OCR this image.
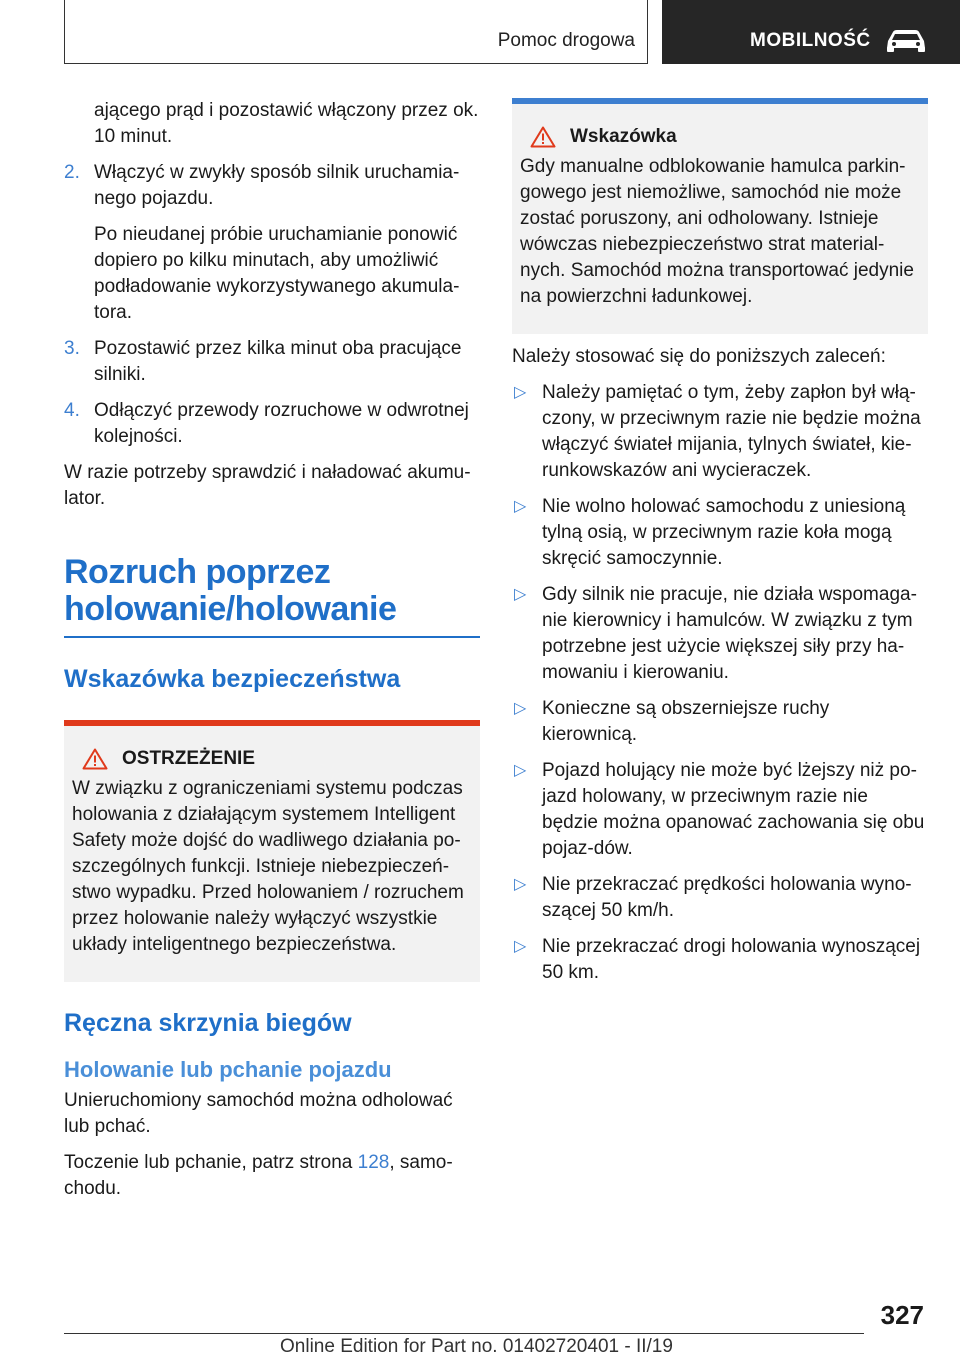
Pomoc drogowa	MOBILNOŚĆ

ającego prąd i pozostawić włączony przez ok. 10 minut.

2. Włączyć w zwykły sposób silnik uruchamia-nego pojazdu.

Po nieudanej próbie uruchamianie ponowić dopiero po kilku minutach, aby umożliwić podładowanie wykorzystywanego akumula-tora.

3. Pozostawić przez kilka minut oba pracujące silniki.

4. Odłączyć przewody rozruchowe w odwrotnej kolejności.

W razie potrzeby sprawdzić i naładować akumu-lator.

Rozruch poprzez holowanie/holowanie
Wskazówka bezpieczeństwa
OSTRZEŻENIE

W związku z ograniczeniami systemu podczas holowania z działającym systemem Intelligent Safety może dojść do wadliwego działania po-szczególnych funkcji. Istnieje niebezpieczeń-stwo wypadku. Przed holowaniem / rozruchem przez holowanie należy wyłączyć wszystkie układy inteligentnego bezpieczeństwa.

Ręczna skrzynia biegów
Holowanie lub pchanie pojazdu

Unieruchomiony samochód można odholować lub pchać.

Toczenie lub pchanie, patrz strona 128, samo-chodu.

Wskazówka

Gdy manualne odblokowanie hamulca parkin-gowego jest niemożliwe, samochód nie może zostać poruszony, ani odholowany. Istnieje wówczas niebezpieczeństwo strat material-nych. Samochód można transportować jedynie na powierzchni ładunkowej.

Należy stosować się do poniższych zaleceń:

▷ Należy pamiętać o tym, żeby zapłon był włą-czony, w przeciwnym razie nie będzie można włączyć świateł mijania, tylnych świateł, kie-runkowskazów ani wycieraczek.

▷ Nie wolno holować samochodu z uniesioną tylną osią, w przeciwnym razie koła mogą skręcić samoczynnie.

▷ Gdy silnik nie pracuje, nie działa wspomaga-nie kierownicy i hamulców. W związku z tym potrzebne jest użycie większej siły przy ha-mowaniu i kierowaniu.

▷ Konieczne są obszerniejsze ruchy kierownicą.

▷ Pojazd holujący nie może być lżejszy niż po-jazd holowany, w przeciwnym razie nie będzie można opanować zachowania się obu pojaz-dów.

▷ Nie przekraczać prędkości holowania wyno-szącej 50 km/h.

▷ Nie przekraczać drogi holowania wynoszącej 50 km.

327
Online Edition for Part no. 01402720401 - II/19
